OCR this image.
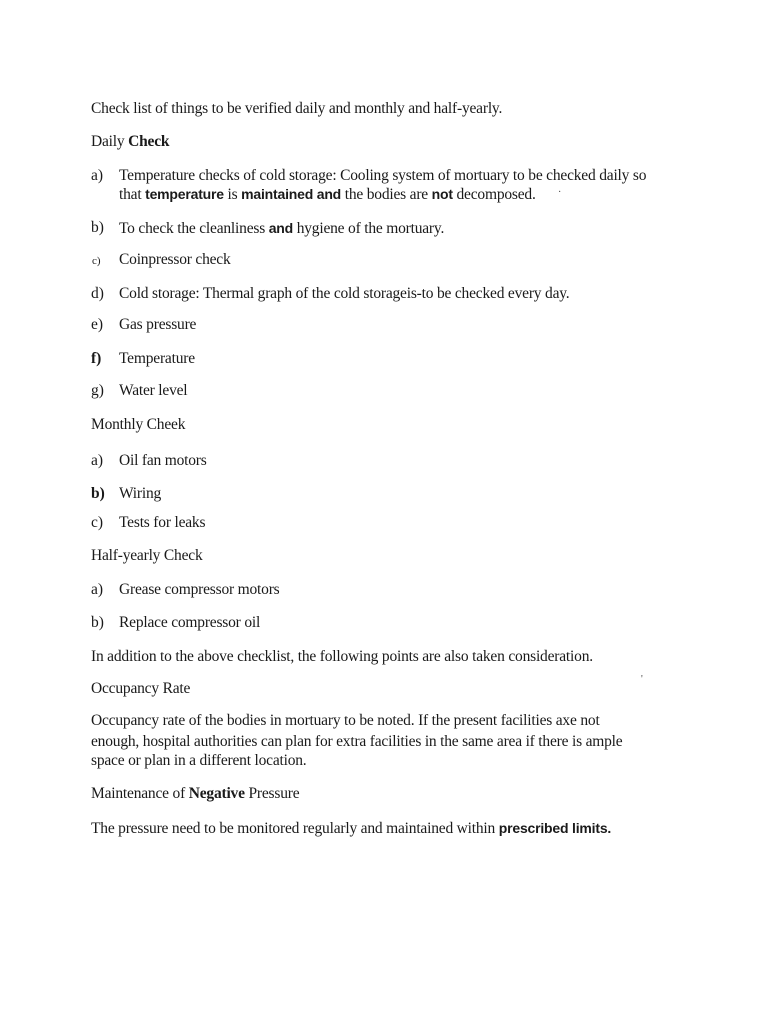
Check list of things to be verified daily and monthly and half-yearly.
Daily Check
a) Temperature checks of cold storage: Cooling system of mortuary to be checked daily so
that temperature is maintained and the bodies are not decomposed. ·
b) To check the cleanliness and hygiene of the mortuary.
c) Coinpressor check
d) Cold storage: Thermal graph of the cold storageis-to be checked every day.
e) Gas pressure
f) Temperature
g) Water level
Monthly Cheek
a) Oil fan motors
b) Wiring
c) Tests for leaks
Half-yearly Check
a) Grease compressor motors
b) Replace compressor oil
In addition to the above checklist, the following points are also taken consideration.
'
Occupancy Rate
Occupancy rate of the bodies in mortuary to be noted. If the present facilities axe not
enough, hospital authorities can plan for extra facilities in the same area if there is ample
space or plan in a different location.
Maintenance of Negative Pressure
The pressure need to be monitored regularly and maintained within prescribed limits.
